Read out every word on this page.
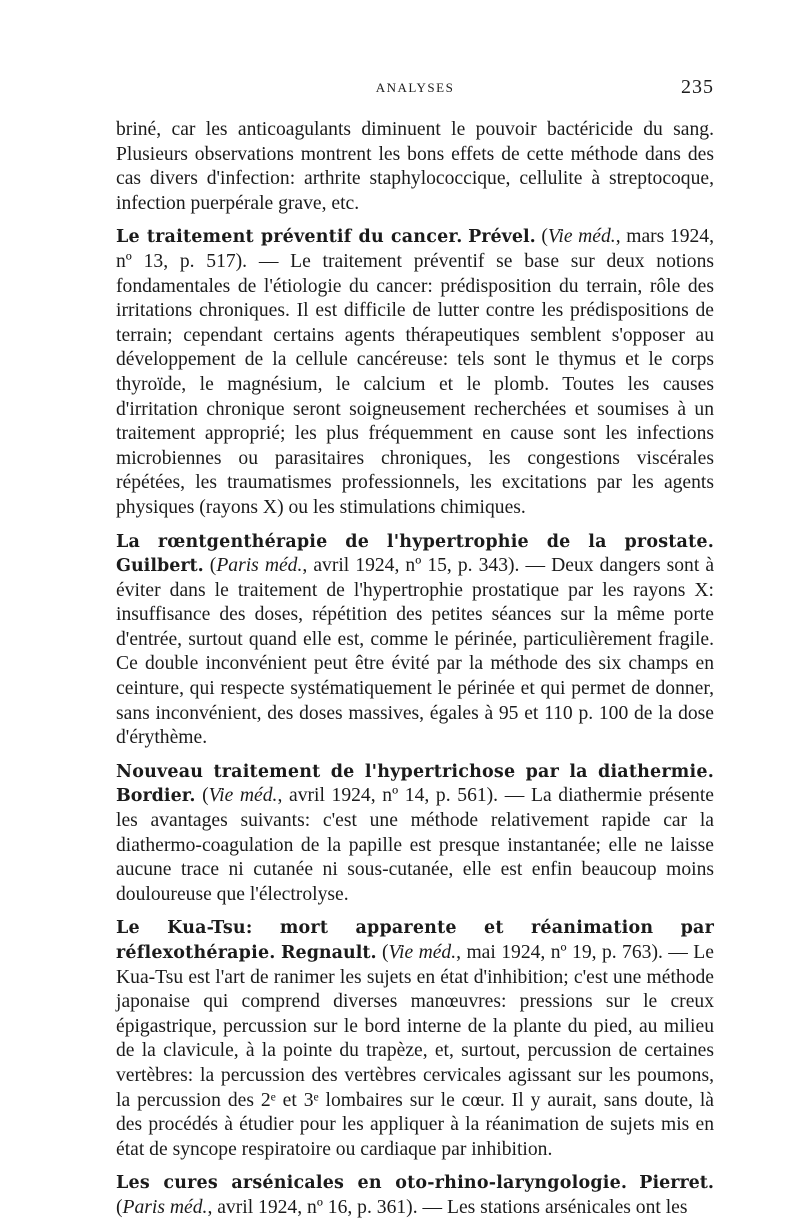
ANALYSES	235

briné, car les anticoagulants diminuent le pouvoir bactéricide du sang. Plusieurs observations montrent les bons effets de cette méthode dans des cas divers d'infection: arthrite staphylococcique, cellulite à streptocoque, infection puerpérale grave, etc.

Le traitement préventif du cancer. Prével. (Vie méd., mars 1924, nº 13, p. 517). — Le traitement préventif se base sur deux notions fondamentales de l'étiologie du cancer: prédisposition du terrain, rôle des irritations chroniques. Il est difficile de lutter contre les prédispositions de terrain; cependant certains agents thérapeutiques semblent s'opposer au développement de la cellule cancéreuse: tels sont le thymus et le corps thyroïde, le magnésium, le calcium et le plomb. Toutes les causes d'irritation chronique seront soigneusement recherchées et soumises à un traitement approprié; les plus fréquemment en cause sont les infections microbiennes ou parasitaires chroniques, les congestions viscérales répétées, les traumatismes professionnels, les excitations par les agents physiques (rayons X) ou les stimulations chimiques.

La rœntgenthérapie de l'hypertrophie de la prostate. Guilbert. (Paris méd., avril 1924, nº 15, p. 343). — Deux dangers sont à éviter dans le traitement de l'hypertrophie prostatique par les rayons X: insuffisance des doses, répétition des petites séances sur la même porte d'entrée, surtout quand elle est, comme le périnée, particulièrement fragile. Ce double inconvénient peut être évité par la méthode des six champs en ceinture, qui respecte systématiquement le périnée et qui permet de donner, sans inconvénient, des doses massives, égales à 95 et 110 p. 100 de la dose d'érythème.

Nouveau traitement de l'hypertrichose par la diathermie. Bordier. (Vie méd., avril 1924, nº 14, p. 561). — La diathermie présente les avantages suivants: c'est une méthode relativement rapide car la diathermo-coagulation de la papille est presque instantanée; elle ne laisse aucune trace ni cutanée ni sous-cutanée, elle est enfin beaucoup moins douloureuse que l'électrolyse.

Le Kua-Tsu: mort apparente et réanimation par réflexothérapie. Regnault. (Vie méd., mai 1924, nº 19, p. 763). — Le Kua-Tsu est l'art de ranimer les sujets en état d'inhibition; c'est une méthode japonaise qui comprend diverses manœuvres: pressions sur le creux épigastrique, percussion sur le bord interne de la plante du pied, au milieu de la clavicule, à la pointe du trapèze, et, surtout, percussion de certaines vertèbres: la percussion des vertèbres cervicales agissant sur les poumons, la percussion des 2ᵉ et 3ᵉ lombaires sur le cœur. Il y aurait, sans doute, là des procédés à étudier pour les appliquer à la réanimation de sujets mis en état de syncope respiratoire ou cardiaque par inhibition.

Les cures arsénicales en oto-rhino-laryngologie. Pierret. (Paris méd., avril 1924, nº 16, p. 361). — Les stations arsénicales ont les
